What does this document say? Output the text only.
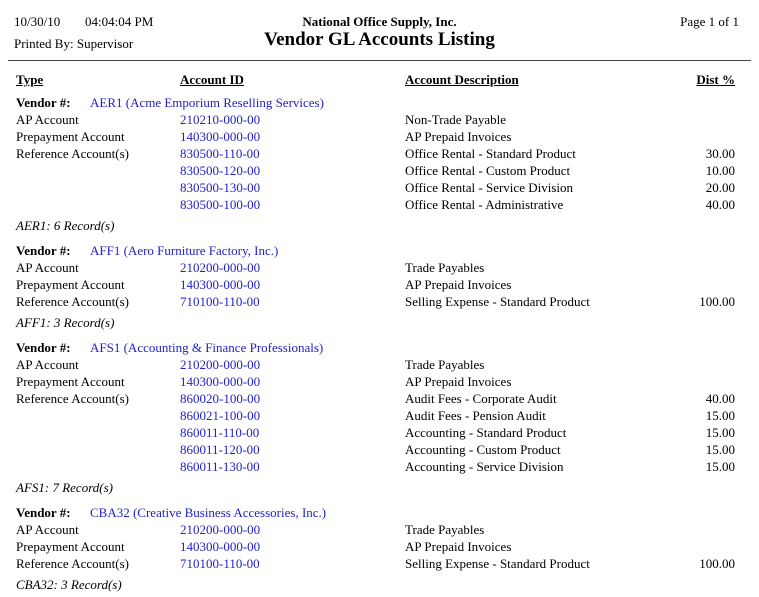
10/30/10 04:04:04 PM	National Office Supply, Inc.	Page 1 of 1
Printed By: Supervisor	Vendor GL Accounts Listing
Type	Account ID	Account Description	Dist %
Vendor #: AER1 (Acme Emporium Reselling Services)
AP Account	210210-000-00	Non-Trade Payable
Prepayment Account	140300-000-00	AP Prepaid Invoices
Reference Account(s)	830500-110-00	Office Rental - Standard Product	30.00
830500-120-00	Office Rental - Custom Product	10.00
830500-130-00	Office Rental - Service Division	20.00
830500-100-00	Office Rental - Administrative	40.00
AER1: 6 Record(s)
Vendor #: AFF1 (Aero Furniture Factory, Inc.)
AP Account	210200-000-00	Trade Payables
Prepayment Account	140300-000-00	AP Prepaid Invoices
Reference Account(s)	710100-110-00	Selling Expense - Standard Product	100.00
AFF1: 3 Record(s)
Vendor #: AFS1 (Accounting & Finance Professionals)
AP Account	210200-000-00	Trade Payables
Prepayment Account	140300-000-00	AP Prepaid Invoices
Reference Account(s)	860020-100-00	Audit Fees - Corporate Audit	40.00
860021-100-00	Audit Fees - Pension Audit	15.00
860011-110-00	Accounting - Standard Product	15.00
860011-120-00	Accounting - Custom Product	15.00
860011-130-00	Accounting - Service Division	15.00
AFS1: 7 Record(s)
Vendor #: CBA32 (Creative Business Accessories, Inc.)
AP Account	210200-000-00	Trade Payables
Prepayment Account	140300-000-00	AP Prepaid Invoices
Reference Account(s)	710100-110-00	Selling Expense - Standard Product	100.00
CBA32: 3 Record(s)
